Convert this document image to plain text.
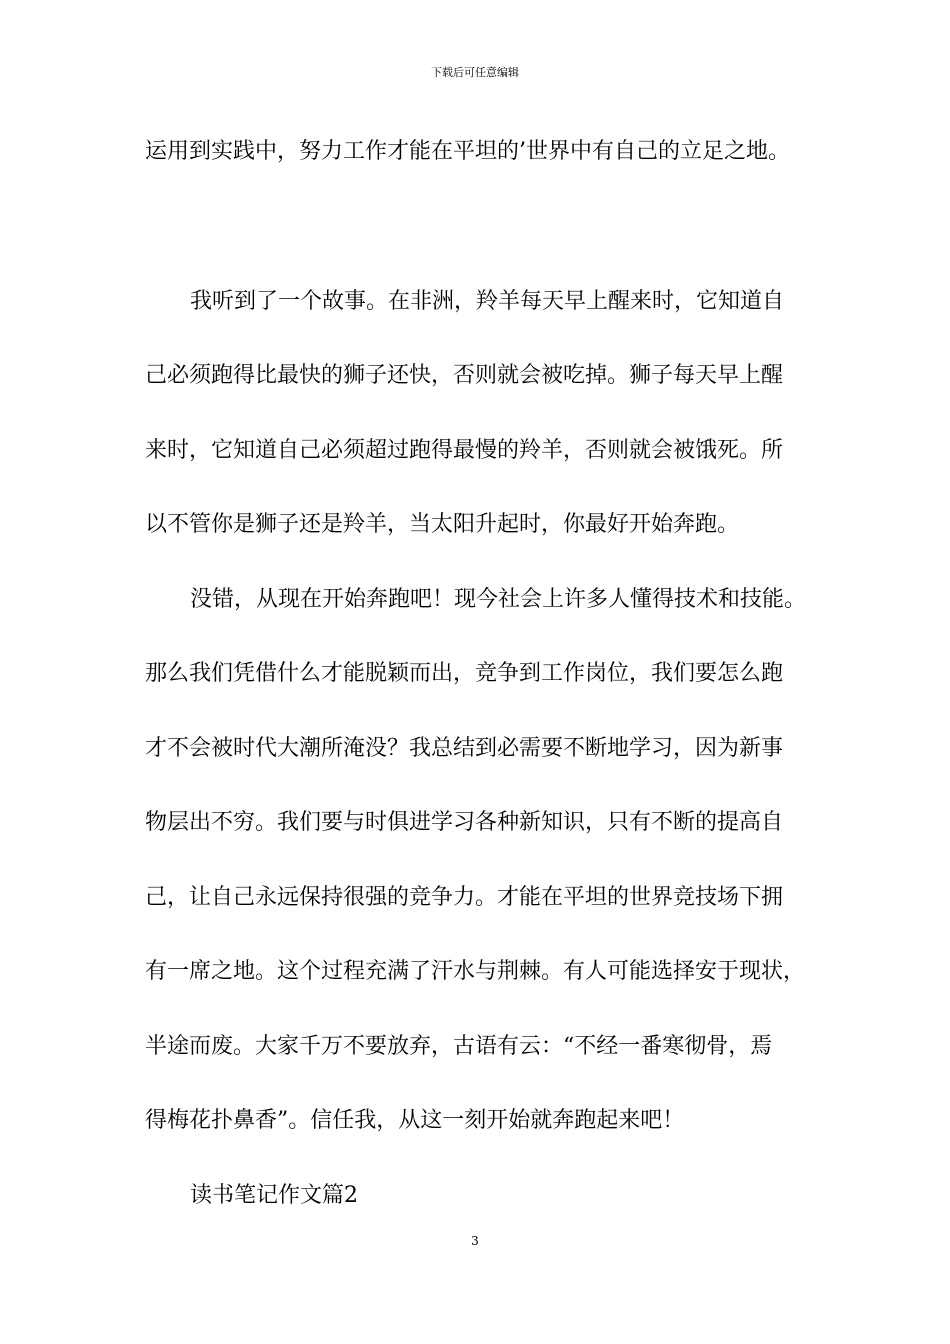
下载后可任意编辑
运用到实践中，努力工作才能在平坦的’世界中有自己的立足之地。
我听到了一个故事。在非洲，羚羊每天早上醒来时，它知道自
己必须跑得比最快的狮子还快，否则就会被吃掉。狮子每天早上醒
来时，它知道自己必须超过跑得最慢的羚羊，否则就会被饿死。所
以不管你是狮子还是羚羊，当太阳升起时，你最好开始奔跑。
没错，从现在开始奔跑吧！现今社会上许多人懂得技术和技能。
那么我们凭借什么才能脱颖而出，竞争到工作岗位，我们要怎么跑
才不会被时代大潮所淹没？我总结到必需要不断地学习，因为新事
物层出不穷。我们要与时俱进学习各种新知识，只有不断的提高自
己，让自己永远保持很强的竞争力。才能在平坦的世界竞技场下拥
有一席之地。这个过程充满了汗水与荆棘。有人可能选择安于现状，
半途而废。大家千万不要放弃，古语有云：“不经一番寒彻骨，焉
得梅花扑鼻香”。信任我，从这一刻开始就奔跑起来吧！
读书笔记作文篇2
3
